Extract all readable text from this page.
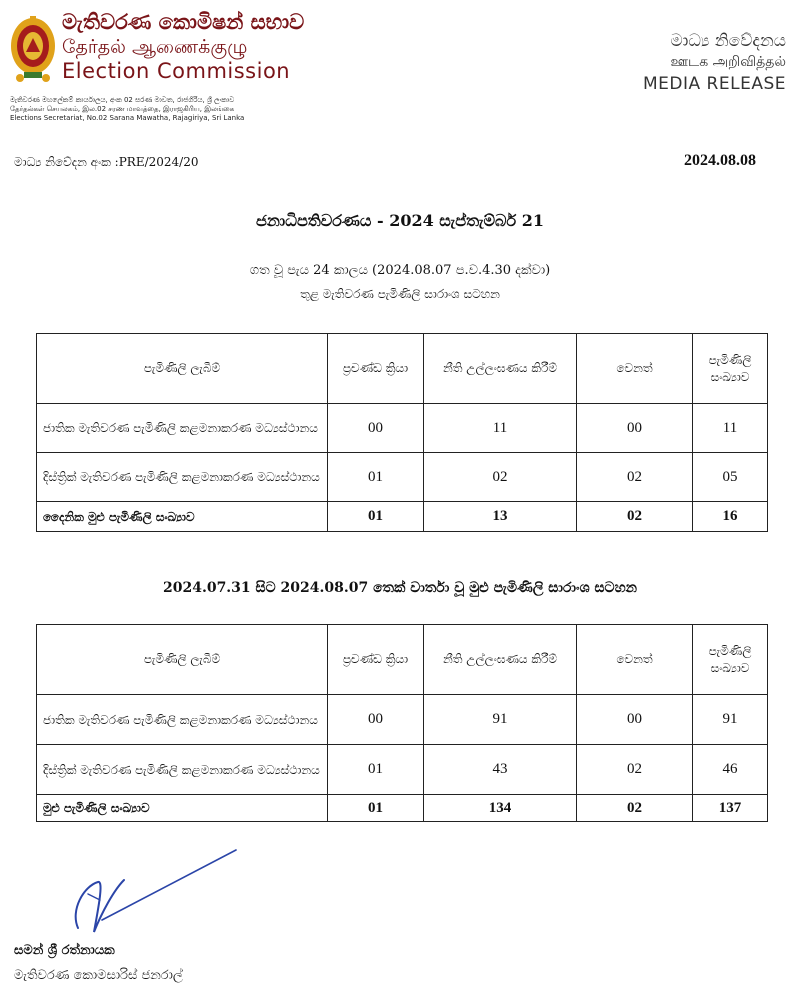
මැතිවරණ කොමිෂන් සභාව
தேர்தல் ஆணைக்குழு
Election Commission
මැතිවරණ මහලේකම් කාර්යාලය, අංක 02 සරණ මාවත, රාජගිරිය, ශ්‍රී ලංකාව
தேர்தல்கள் செயலகம், இல.02 சரண மாவத்தை, இராஜகிரிய, இலங்கை
Elections Secretariat, No.02 Sarana Mawatha, Rajagiriya, Sri Lanka
මාධ්‍ය නිවේදනය
ஊடக அறிவித்தல்
MEDIA RELEASE
මාධ්‍ය නිවේදන අංක :PRE/2024/20	2024.08.08
ජනාධිපතිවරණය - 2024 සැප්තැම්බර් 21
ගත වූ පැය 24 කාලය (2024.08.07 ප.ව.4.30 දක්වා)
තුළ මැතිවරණ පැමිණිලි සාරාංශ සටහන
පැමිණිලි ලැබීම්	ප්‍රචණ්ඩ ක්‍රියා	නීති උල්ලංඝණය කිරීම්	වෙනත්	පැමිණිලි සංඛ්‍යාව
ජාතික මැතිවරණ පැමිණිලි කළමනාකරණ මධ්‍යස්ථානය	00	11	00	11
දිස්ත්‍රික් මැතිවරණ පැමිණිලි කළමනාකරණ මධ්‍යස්ථානය	01	02	02	05
දෛනික මුළු පැමිණිලි සංඛ්‍යාව	01	13	02	16
2024.07.31 සිට 2024.08.07 තෙක් වාර්තා වූ මුළු පැමිණිලි සාරාංශ සටහන
පැමිණිලි ලැබීම්	ප්‍රචණ්ඩ ක්‍රියා	නීති උල්ලංඝණය කිරීම්	වෙනත්	පැමිණිලි සංඛ්‍යාව
ජාතික මැතිවරණ පැමිණිලි කළමනාකරණ මධ්‍යස්ථානය	00	91	00	91
දිස්ත්‍රික් මැතිවරණ පැමිණිලි කළමනාකරණ මධ්‍යස්ථානය	01	43	02	46
මුළු පැමිණිලි සංඛ්‍යාව	01	134	02	137
සමන් ශ්‍රී රත්නායක
මැතිවරණ කොමසාරිස් ජනරාල්
